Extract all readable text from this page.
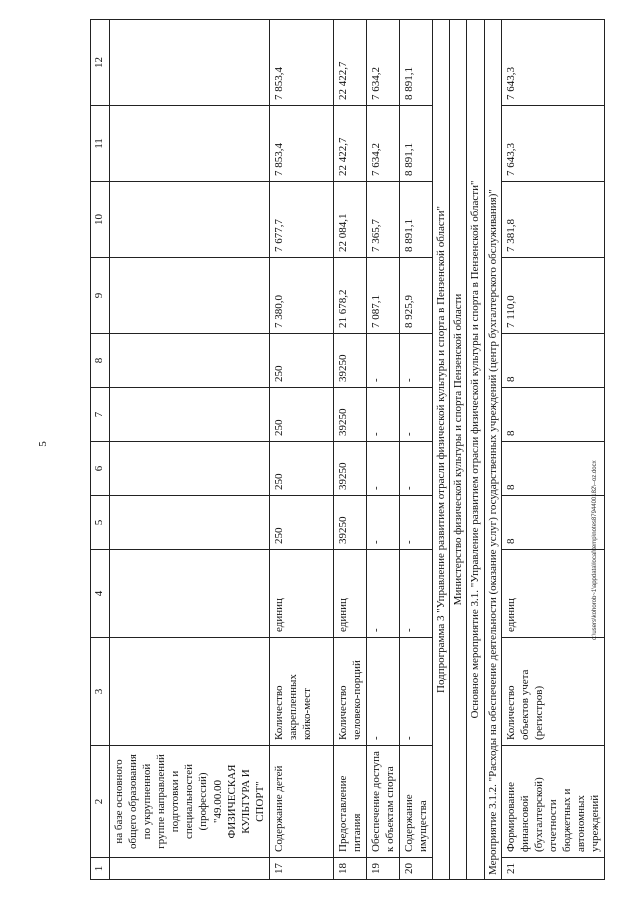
5
c:\users\kohorob~1\appdata\local\temp\notes8794400182\--oz.docx
1	2	3	4	5	6	7	8	9	10	11	12
	на базе основного общего образования по укрупненной группе направлений подготовки и специальностей (профессий) "49.00.00 ФИЗИЧЕСКАЯ КУЛЬТУРА И СПОРТ"										
17	Содержание детей	Количество закрепленных койко-мест	единиц	250	250	250	250	7 380,0	7 677,7	7 853,4	7 853,4
18	Предоставление питания	Количество человеко-порций	единиц	39250	39250	39250	39250	21 678,2	22 084,1	22 422,7	22 422,7
19	Обеспечение доступа к объектам спорта	-	-	-	-	-	-	7 087,1	7 365,7	7 634,2	7 634,2
20	Содержание имущества	-	-	-	-	-	-	8 925,9	8 891,1	8 891,1	8 891,1
Подпрограмма 3 "Управление развитием отрасли физической культуры и спорта в Пензенской области"											
Министерство физической культуры и спорта Пензенской области											
Основное мероприятие 3.1. "Управление развитием отрасли физической культуры и спорта в Пензенской области"											
Мероприятие 3.1.2. "Расходы на обеспечение деятельности (оказание услуг) государственных учреждений (центр бухгалтерского обслуживания)"											
21	Формирование финансовой (бухгалтерской) отчетности бюджетных и автономных учреждений	Количество объектов учета (регистров)	единиц	8	8	8	8	7 110,0	7 381,8	7 643,3	7 643,3
